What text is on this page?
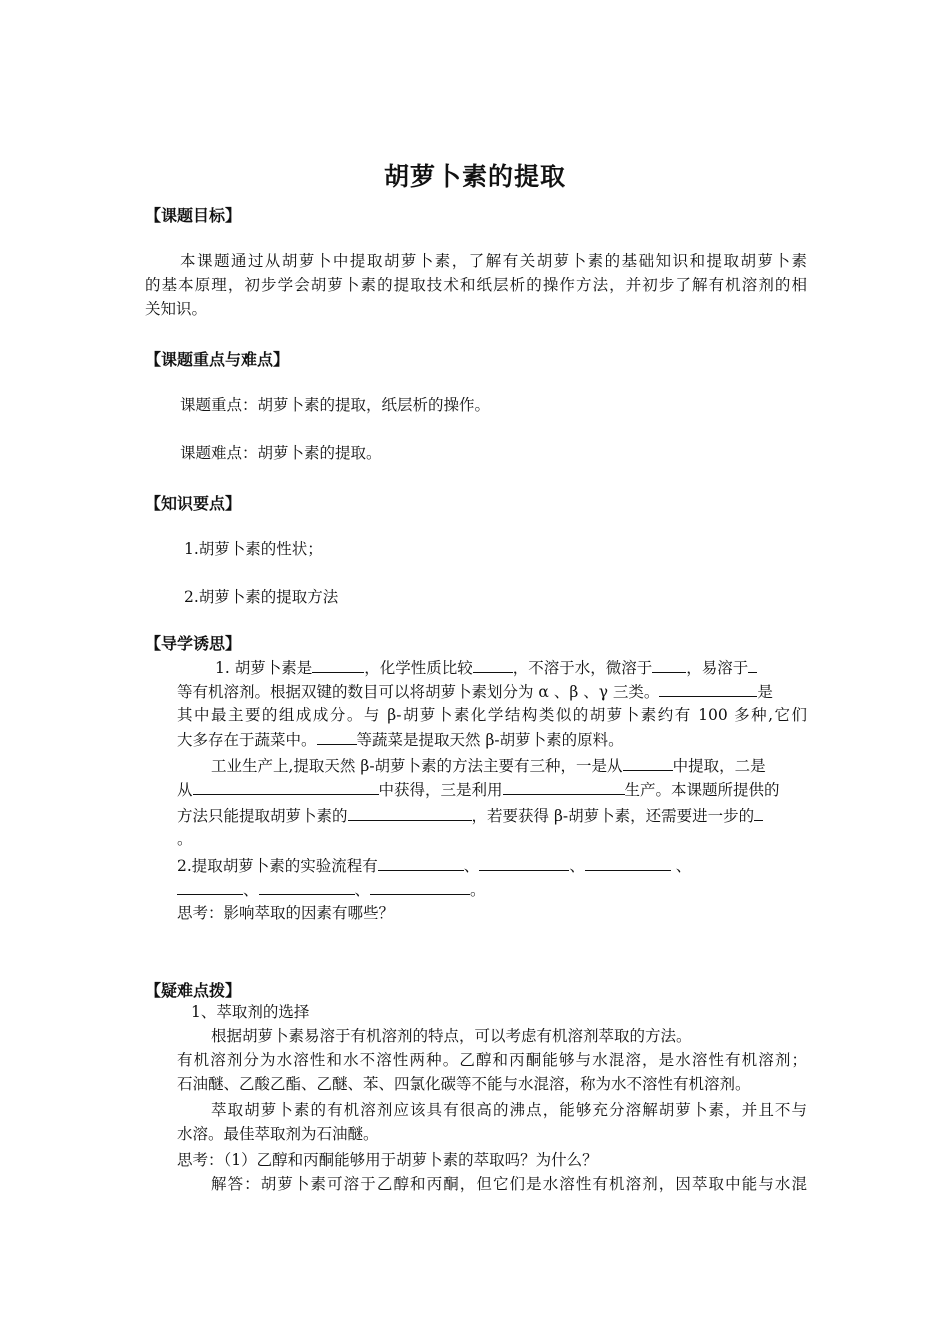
胡萝卜素的提取
【课题目标】
本课题通过从胡萝卜中提取胡萝卜素，了解有关胡萝卜素的基础知识和提取胡萝卜素
的基本原理，初步学会胡萝卜素的提取技术和纸层析的操作方法，并初步了解有机溶剂的相
关知识。
【课题重点与难点】
课题重点：胡萝卜素的提取，纸层析的操作。
课题难点：胡萝卜素的提取。
【知识要点】
1.胡萝卜素的性状；
2.胡萝卜素的提取方法
【导学诱思】
1. 胡萝卜素是	，化学性质比较	，不溶于水，微溶于 ，易溶于
等有机溶剂。根据双键的数目可以将胡萝卜素划分为 α 、β 、γ 三类。	是
其中最主要的组成成分。与 β-胡萝卜素化学结构类似的胡萝卜素约有 100 多种,它们
大多存在于蔬菜中。	等蔬菜是提取天然 β-胡萝卜素的原料。
工业生产上,提取天然 β-胡萝卜素的方法主要有三种，一是从	中提取，二是
从	中获得，三是利用	生产。本课题所提供的
方法只能提取胡萝卜素的	，若要获得 β-胡萝卜素，还需要进一步的
。
2.提取胡萝卜素的实验流程有	、	、	、
、	、	。
思考：影响萃取的因素有哪些？
【疑难点拨】
1、萃取剂的选择
根据胡萝卜素易溶于有机溶剂的特点，可以考虑有机溶剂萃取的方法。
有机溶剂分为水溶性和水不溶性两种。乙醇和丙酮能够与水混溶，是水溶性有机溶剂；
石油醚、乙酸乙酯、乙醚、苯、四氯化碳等不能与水混溶，称为水不溶性有机溶剂。
萃取胡萝卜素的有机溶剂应该具有很高的沸点，能够充分溶解胡萝卜素，并且不与
水溶。最佳萃取剂为石油醚。
思考：（1）乙醇和丙酮能够用于胡萝卜素的萃取吗？为什么？
解答：胡萝卜素可溶于乙醇和丙酮，但它们是水溶性有机溶剂，因萃取中能与水混
